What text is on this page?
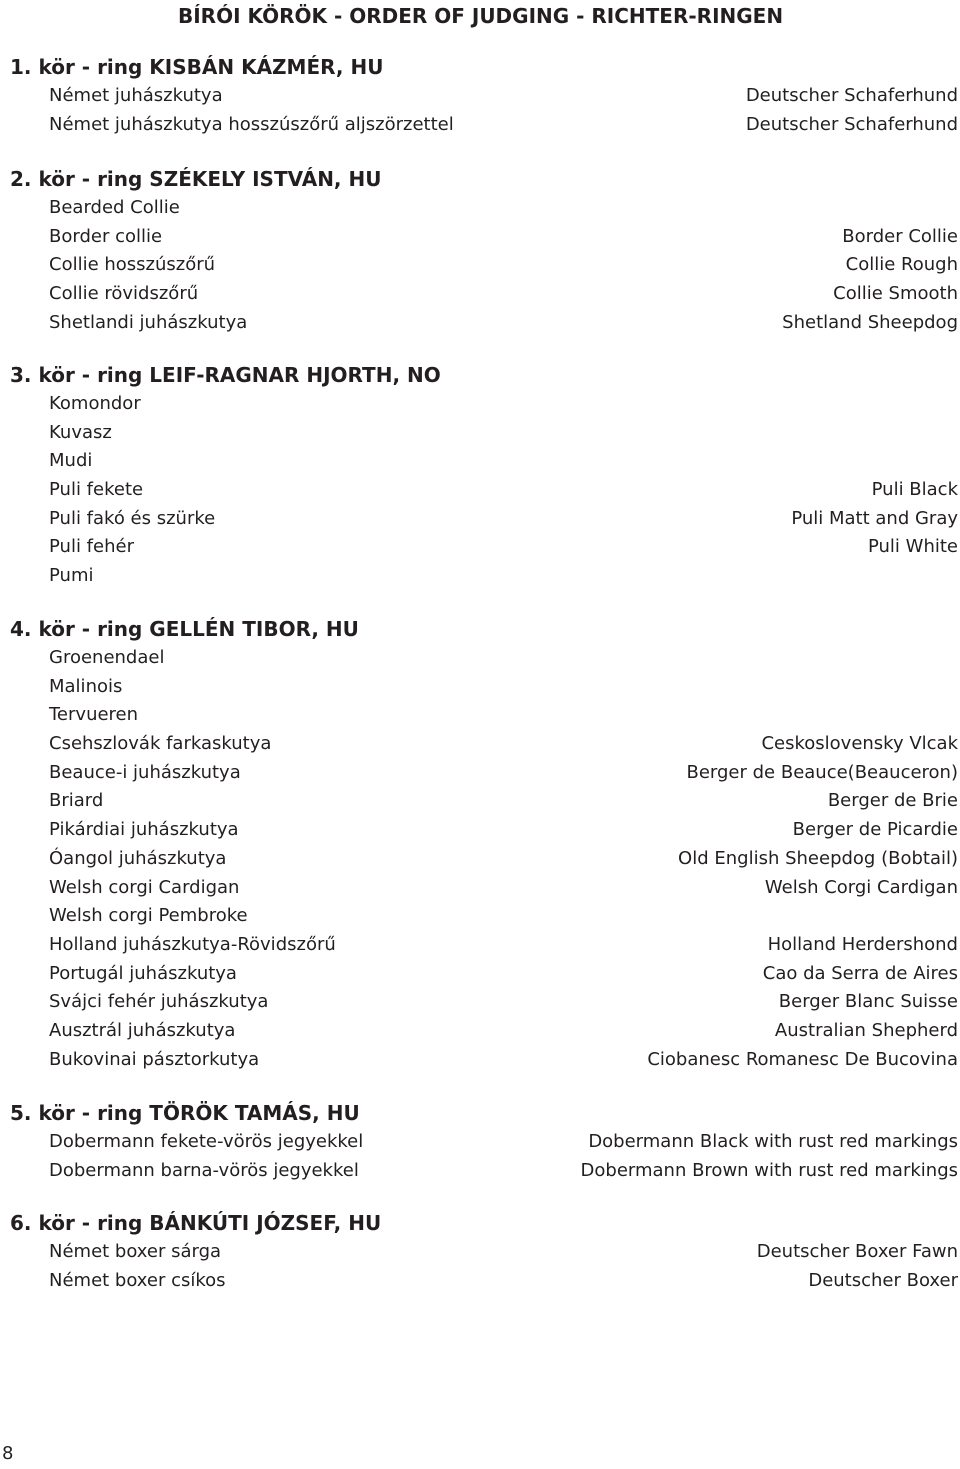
BÍRÓI KÖRÖK - ORDER OF JUDGING - RICHTER-RINGEN
1. kör - ring KISBÁN KÁZMÉR, HU
Német juhászkutya	Deutscher Schaferhund
Német juhászkutya hosszúszőrű aljszörzettel	Deutscher Schaferhund
2. kör - ring SZÉKELY ISTVÁN, HU
Bearded Collie
Border collie	Border Collie
Collie hosszúszőrű	Collie Rough
Collie rövidszőrű	Collie Smooth
Shetlandi juhászkutya	Shetland Sheepdog
3. kör - ring LEIF-RAGNAR HJORTH, NO
Komondor
Kuvasz
Mudi
Puli fekete	Puli Black
Puli fakó és szürke	Puli Matt and Gray
Puli fehér	Puli White
Pumi
4. kör - ring GELLÉN TIBOR, HU
Groenendael
Malinois
Tervueren
Csehszlovák farkaskutya	Ceskoslovensky Vlcak
Beauce-i juhászkutya	Berger de Beauce(Beauceron)
Briard	Berger de Brie
Pikárdiai juhászkutya	Berger de Picardie
Óangol juhászkutya	Old English Sheepdog (Bobtail)
Welsh corgi Cardigan	Welsh Corgi Cardigan
Welsh corgi Pembroke
Holland juhászkutya-Rövidszőrű	Holland Herdershond
Portugál juhászkutya	Cao da Serra de Aires
Svájci fehér juhászkutya	Berger Blanc Suisse
Ausztrál juhászkutya	Australian Shepherd
Bukovinai pásztorkutya	Ciobanesc Romanesc De Bucovina
5. kör - ring TÖRÖK TAMÁS, HU
Dobermann fekete-vörös jegyekkel	Dobermann Black with rust red markings
Dobermann barna-vörös jegyekkel	Dobermann Brown with rust red markings
6. kör - ring BÁNKÚTI JÓZSEF, HU
Német boxer sárga	Deutscher Boxer Fawn
Német boxer csíkos	Deutscher Boxer
8
